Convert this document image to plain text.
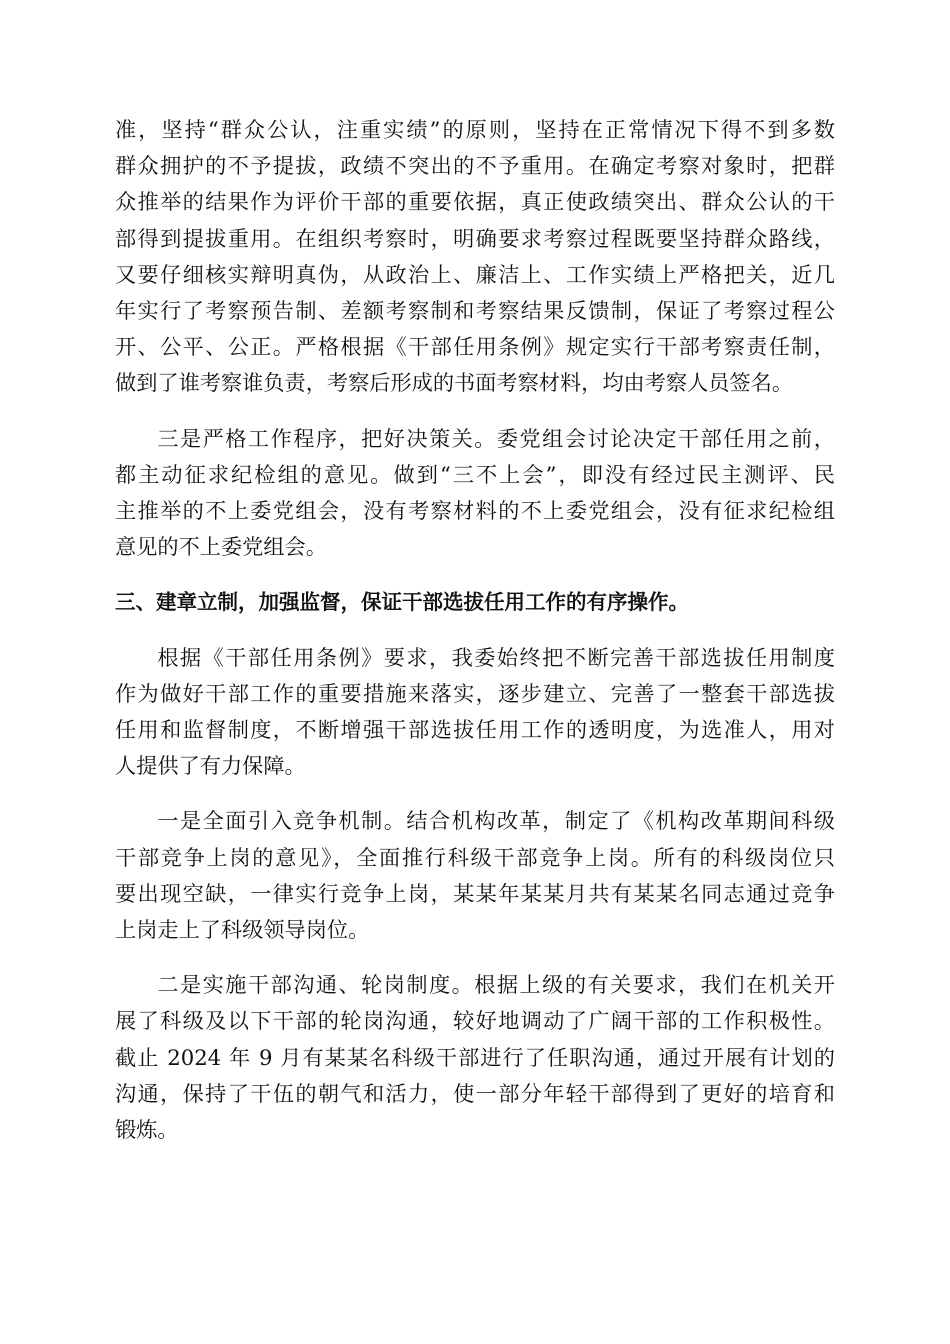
准，坚持“群众公认，注重实绩”的原则，坚持在正常情况下得不到多数
群众拥护的不予提拔，政绩不突出的不予重用。在确定考察对象时，把群
众推举的结果作为评价干部的重要依据，真正使政绩突出、群众公认的干
部得到提拔重用。在组织考察时，明确要求考察过程既要坚持群众路线，
又要仔细核实辩明真伪，从政治上、廉洁上、工作实绩上严格把关，近几
年实行了考察预告制、差额考察制和考察结果反馈制，保证了考察过程公
开、公平、公正。严格根据《干部任用条例》规定实行干部考察责任制，
做到了谁考察谁负责，考察后形成的书面考察材料，均由考察人员签名。
三是严格工作程序，把好决策关。委党组会讨论决定干部任用之前，
都主动征求纪检组的意见。做到“三不上会”，即没有经过民主测评、民
主推举的不上委党组会，没有考察材料的不上委党组会，没有征求纪检组
意见的不上委党组会。
三、建章立制，加强监督，保证干部选拔任用工作的有序操作。
根据《干部任用条例》要求，我委始终把不断完善干部选拔任用制度
作为做好干部工作的重要措施来落实，逐步建立、完善了一整套干部选拔
任用和监督制度，不断增强干部选拔任用工作的透明度，为选准人，用对
人提供了有力保障。
一是全面引入竞争机制。结合机构改革，制定了《机构改革期间科级
干部竞争上岗的意见》，全面推行科级干部竞争上岗。所有的科级岗位只
要出现空缺，一律实行竞争上岗，某某年某某月共有某某名同志通过竞争
上岗走上了科级领导岗位。
二是实施干部沟通、轮岗制度。根据上级的有关要求，我们在机关开
展了科级及以下干部的轮岗沟通，较好地调动了广阔干部的工作积极性。
截止 2024 年 9 月有某某名科级干部进行了任职沟通，通过开展有计划的
沟通，保持了干伍的朝气和活力，使一部分年轻干部得到了更好的培育和
锻炼。
